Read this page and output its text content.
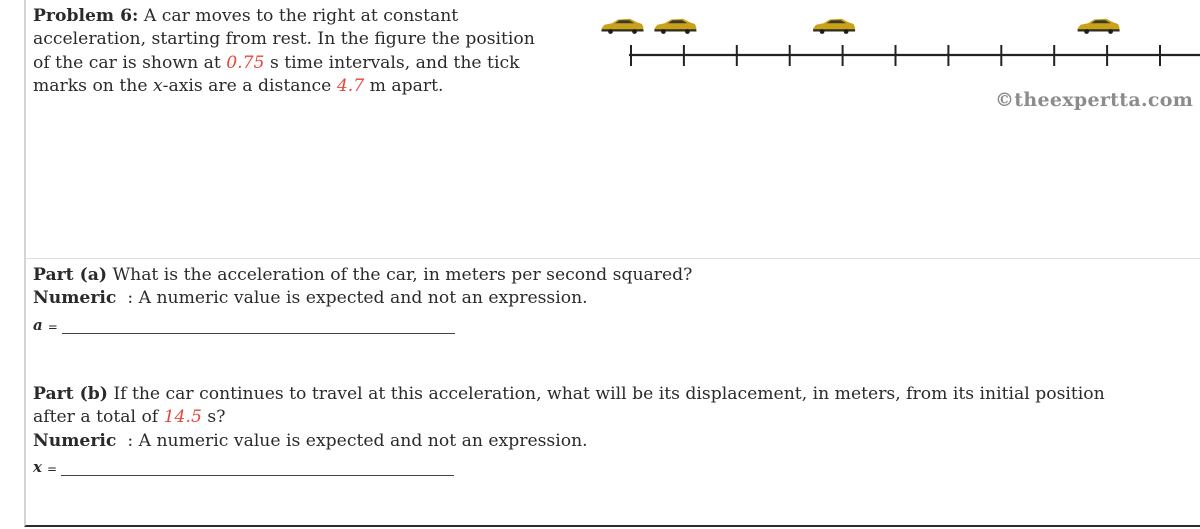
Problem 6: A car moves to the right at constant
acceleration, starting from rest. In the figure the position
of the car is shown at 0.75 s time intervals, and the tick
marks on the x-axis are a distance 4.7 m apart.
©theexpertta.com
Part (a) What is the acceleration of the car, in meters per second squared?
Numeric  : A numeric value is expected and not an expression.
a =
Part (b) If the car continues to travel at this acceleration, what will be its displacement, in meters, from its initial position
after a total of 14.5 s?
Numeric  : A numeric value is expected and not an expression.
x =
